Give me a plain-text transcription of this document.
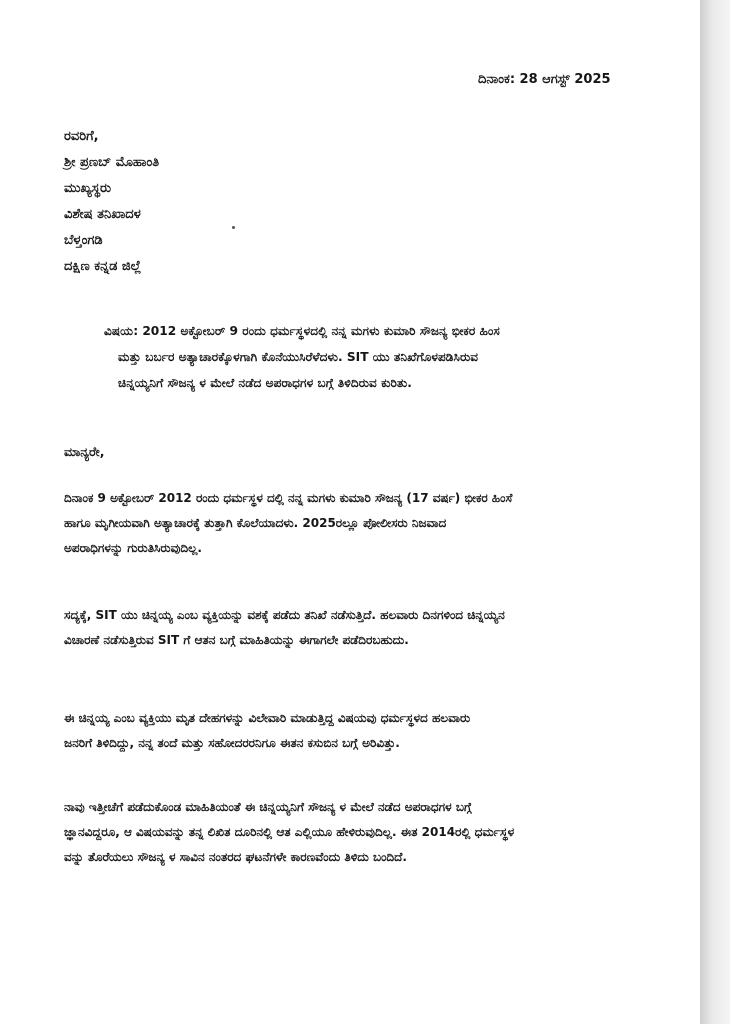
ದಿನಾಂಕ: 28 ಆಗಸ್ಟ್ 2025
ರವರಿಗೆ,
ಶ್ರೀ ಪ್ರಣಬ್ ಮೊಹಾಂತಿ
ಮುಖ್ಯಸ್ಥರು
ವಿಶೇಷ ತನಿಖಾದಳ
ಬೆಳ್ತಂಗಡಿ
ದಕ್ಷಿಣ ಕನ್ನಡ ಜಿಲ್ಲೆ
ವಿಷಯ: 2012 ಅಕ್ಟೋಬರ್ 9 ರಂದು ಧರ್ಮಸ್ಥಳದಲ್ಲಿ ನನ್ನ ಮಗಳು ಕುಮಾರಿ ಸೌಜನ್ಯ ಭೀಕರ ಹಿಂಸ
ಮತ್ತು ಬರ್ಬರ ಅತ್ಯಾಚಾರಕ್ಕೊಳಗಾಗಿ ಕೊನೆಯುಸಿರೆಳೆದಳು. SIT ಯು ತನಿಖೆಗೊಳಪಡಿಸಿರುವ
ಚಿನ್ನಯ್ಯನಿಗೆ ಸೌಜನ್ಯ ಳ ಮೇಲೆ ನಡೆದ ಅಪರಾಧಗಳ ಬಗ್ಗೆ ತಿಳಿದಿರುವ ಕುರಿತು.
ಮಾನ್ಯರೇ,
ದಿನಾಂಕ 9 ಅಕ್ಟೋಬರ್ 2012 ರಂದು ಧರ್ಮಸ್ಥಳ ದಲ್ಲಿ ನನ್ನ ಮಗಳು ಕುಮಾರಿ ಸೌಜನ್ಯ (17 ವರ್ಷ) ಭೀಕರ ಹಿಂಸೆ
ಹಾಗೂ ಮೃಗೀಯವಾಗಿ ಅತ್ಯಾಚಾರಕ್ಕೆ ತುತ್ತಾಗಿ ಕೊಲೆಯಾದಳು. 2025ರಲ್ಲೂ ಪೋಲೀಸರು ನಿಜವಾದ
ಅಪರಾಧಿಗಳನ್ನು ಗುರುತಿಸಿರುವುದಿಲ್ಲ.
ಸದ್ಯಕ್ಕೆ, SIT ಯು ಚಿನ್ನಯ್ಯ ಎಂಬ ವ್ಯಕ್ತಿಯನ್ನು ವಶಕ್ಕೆ ಪಡೆದು ತನಿಖೆ ನಡೆಸುತ್ತಿದೆ. ಹಲವಾರು ದಿನಗಳಿಂದ ಚಿನ್ನಯ್ಯನ
ವಿಚಾರಣೆ ನಡೆಸುತ್ತಿರುವ SIT ಗೆ ಆತನ ಬಗ್ಗೆ ಮಾಹಿತಿಯನ್ನು ಈಗಾಗಲೇ ಪಡೆದಿರಬಹುದು.
ಈ ಚಿನ್ನಯ್ಯ ಎಂಬ ವ್ಯಕ್ತಿಯು ಮೃತ ದೇಹಗಳನ್ನು ವಿಲೇವಾರಿ ಮಾಡುತ್ತಿದ್ದ ವಿಷಯವು ಧರ್ಮಸ್ಥಳದ ಹಲವಾರು
ಜನರಿಗೆ ತಿಳಿದಿದ್ದು, ನನ್ನ ತಂದೆ ಮತ್ತು ಸಹೋದರರನಿಗೂ ಈತನ ಕಸುಬಿನ ಬಗ್ಗೆ ಅರಿವಿತ್ತು.
ನಾವು ಇತ್ತೀಚೆಗೆ ಪಡೆದುಕೊಂಡ ಮಾಹಿತಿಯಂತೆ ಈ ಚಿನ್ನಯ್ಯನಿಗೆ ಸೌಜನ್ಯ ಳ ಮೇಲೆ ನಡೆದ ಅಪರಾಧಗಳ ಬಗ್ಗೆ
ಜ್ಞಾನವಿದ್ದರೂ, ಆ ವಿಷಯವನ್ನು ತನ್ನ ಲಿಖಿತ ದೂರಿನಲ್ಲಿ ಆತ ಎಲ್ಲಿಯೂ ಹೇಳಿರುವುದಿಲ್ಲ. ಈತ 2014ರಲ್ಲಿ ಧರ್ಮಸ್ಥಳ
ವನ್ನು ತೊರೆಯಲು ಸೌಜನ್ಯ ಳ ಸಾವಿನ ನಂತರದ ಘಟನೆಗಳೇ ಕಾರಣವೆಂದು ತಿಳಿದು ಬಂದಿದೆ.
